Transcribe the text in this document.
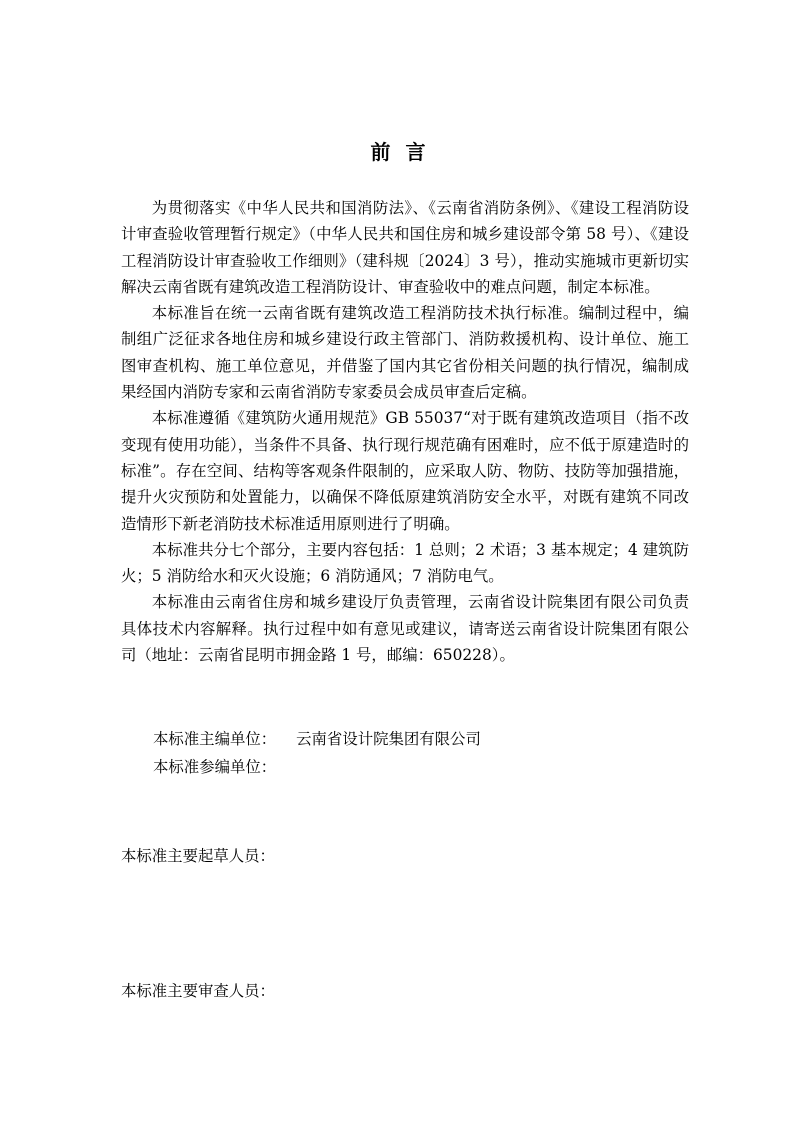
前 言

为贯彻落实《中华人民共和国消防法》、《云南省消防条例》、《建设工程消防设计审查验收管理暂行规定》（中华人民共和国住房和城乡建设部令第 58 号）、《建设工程消防设计审查验收工作细则》（建科规〔2024〕3 号），推动实施城市更新切实解决云南省既有建筑改造工程消防设计、审查验收中的难点问题，制定本标准。

本标准旨在统一云南省既有建筑改造工程消防技术执行标准。编制过程中，编制组广泛征求各地住房和城乡建设行政主管部门、消防救援机构、设计单位、施工图审查机构、施工单位意见，并借鉴了国内其它省份相关问题的执行情况，编制成果经国内消防专家和云南省消防专家委员会成员审查后定稿。

本标准遵循《建筑防火通用规范》GB 55037“对于既有建筑改造项目（指不改变现有使用功能），当条件不具备、执行现行规范确有困难时，应不低于原建造时的标准”。存在空间、结构等客观条件限制的，应采取人防、物防、技防等加强措施，提升火灾预防和处置能力，以确保不降低原建筑消防安全水平，对既有建筑不同改造情形下新老消防技术标准适用原则进行了明确。

本标准共分七个部分，主要内容包括：1 总则；2 术语；3 基本规定；4 建筑防火；5 消防给水和灭火设施；6 消防通风；7 消防电气。

本标准由云南省住房和城乡建设厅负责管理，云南省设计院集团有限公司负责具体技术内容解释。执行过程中如有意见或建议，请寄送云南省设计院集团有限公司（地址：云南省昆明市拥金路 1 号，邮编：650228）。

本标准主编单位： 云南省设计院集团有限公司
本标准参编单位：
本标准主要起草人员：
本标准主要审查人员：
